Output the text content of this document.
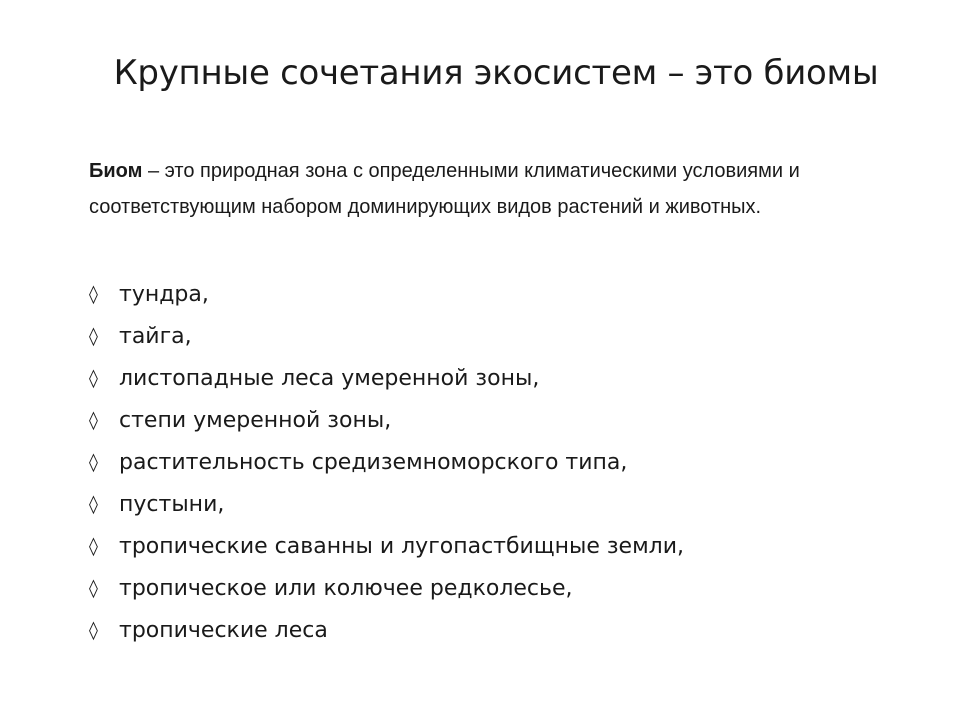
Крупные сочетания экосистем – это биомы
Биом – это природная зона с определенными климатическими условиями и соответствующим набором доминирующих видов растений и животных.
◊ тундра,
◊ тайга,
◊ листопадные леса умеренной зоны,
◊ степи умеренной зоны,
◊ растительность средиземноморского типа,
◊ пустыни,
◊ тропические саванны и лугопастбищные земли,
◊ тропическое или колючее редколесье,
◊ тропические леса
